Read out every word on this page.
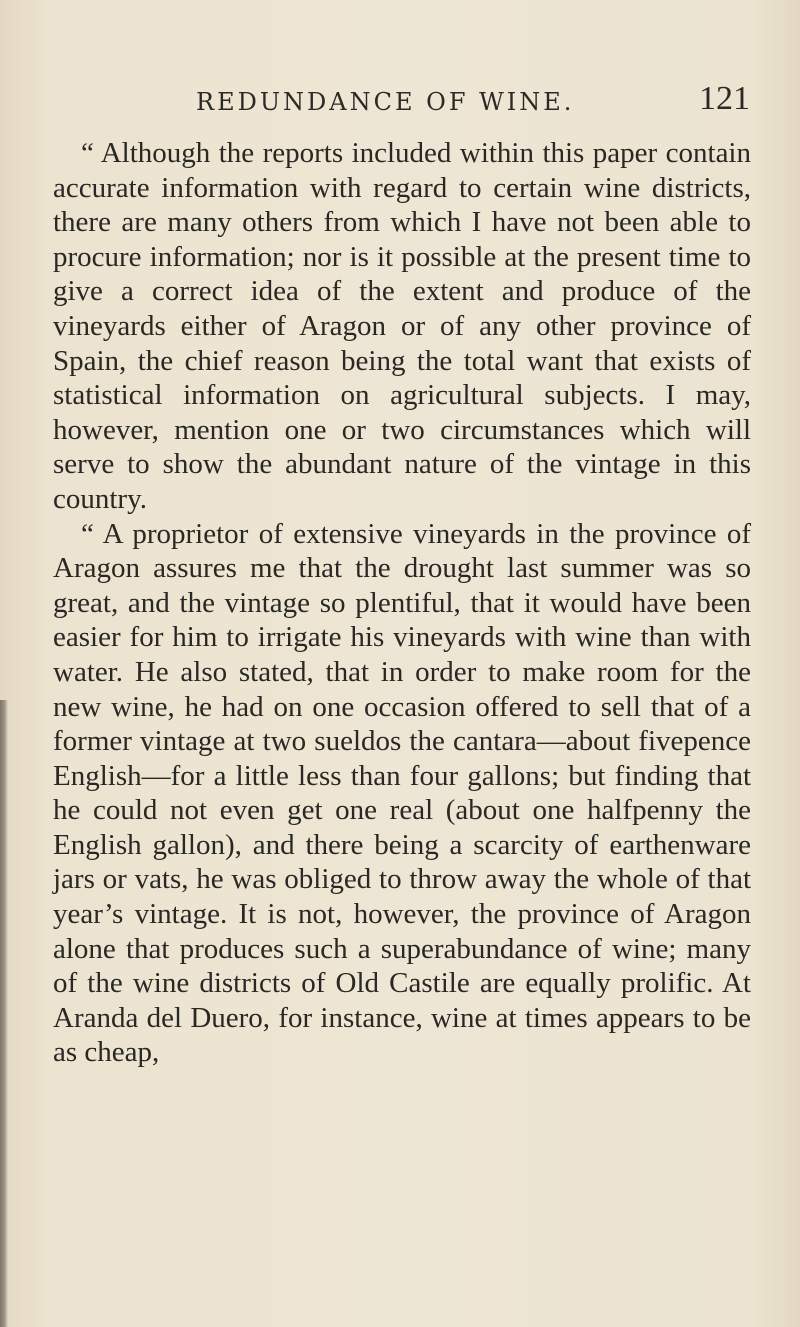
REDUNDANCE OF WINE.	121

“ Although the reports included within this paper contain accurate information with regard to certain wine districts, there are many others from which I have not been able to procure information; nor is it possible at the present time to give a correct idea of the extent and produce of the vineyards either of Aragon or of any other province of Spain, the chief reason being the total want that exists of statistical information on agricultural subjects. I may, however, mention one or two circumstances which will serve to show the abundant nature of the vintage in this country.

“ A proprietor of extensive vineyards in the province of Aragon assures me that the drought last summer was so great, and the vintage so plentiful, that it would have been easier for him to irrigate his vineyards with wine than with water. He also stated, that in order to make room for the new wine, he had on one occasion offered to sell that of a former vintage at two sueldos the cantara—about fivepence English—for a little less than four gallons; but finding that he could not even get one real (about one halfpenny the English gallon), and there being a scarcity of earthenware jars or vats, he was obliged to throw away the whole of that year’s vintage. It is not, however, the province of Aragon alone that produces such a superabundance of wine; many of the wine districts of Old Castile are equally prolific. At Aranda del Duero, for instance, wine at times appears to be as cheap,
